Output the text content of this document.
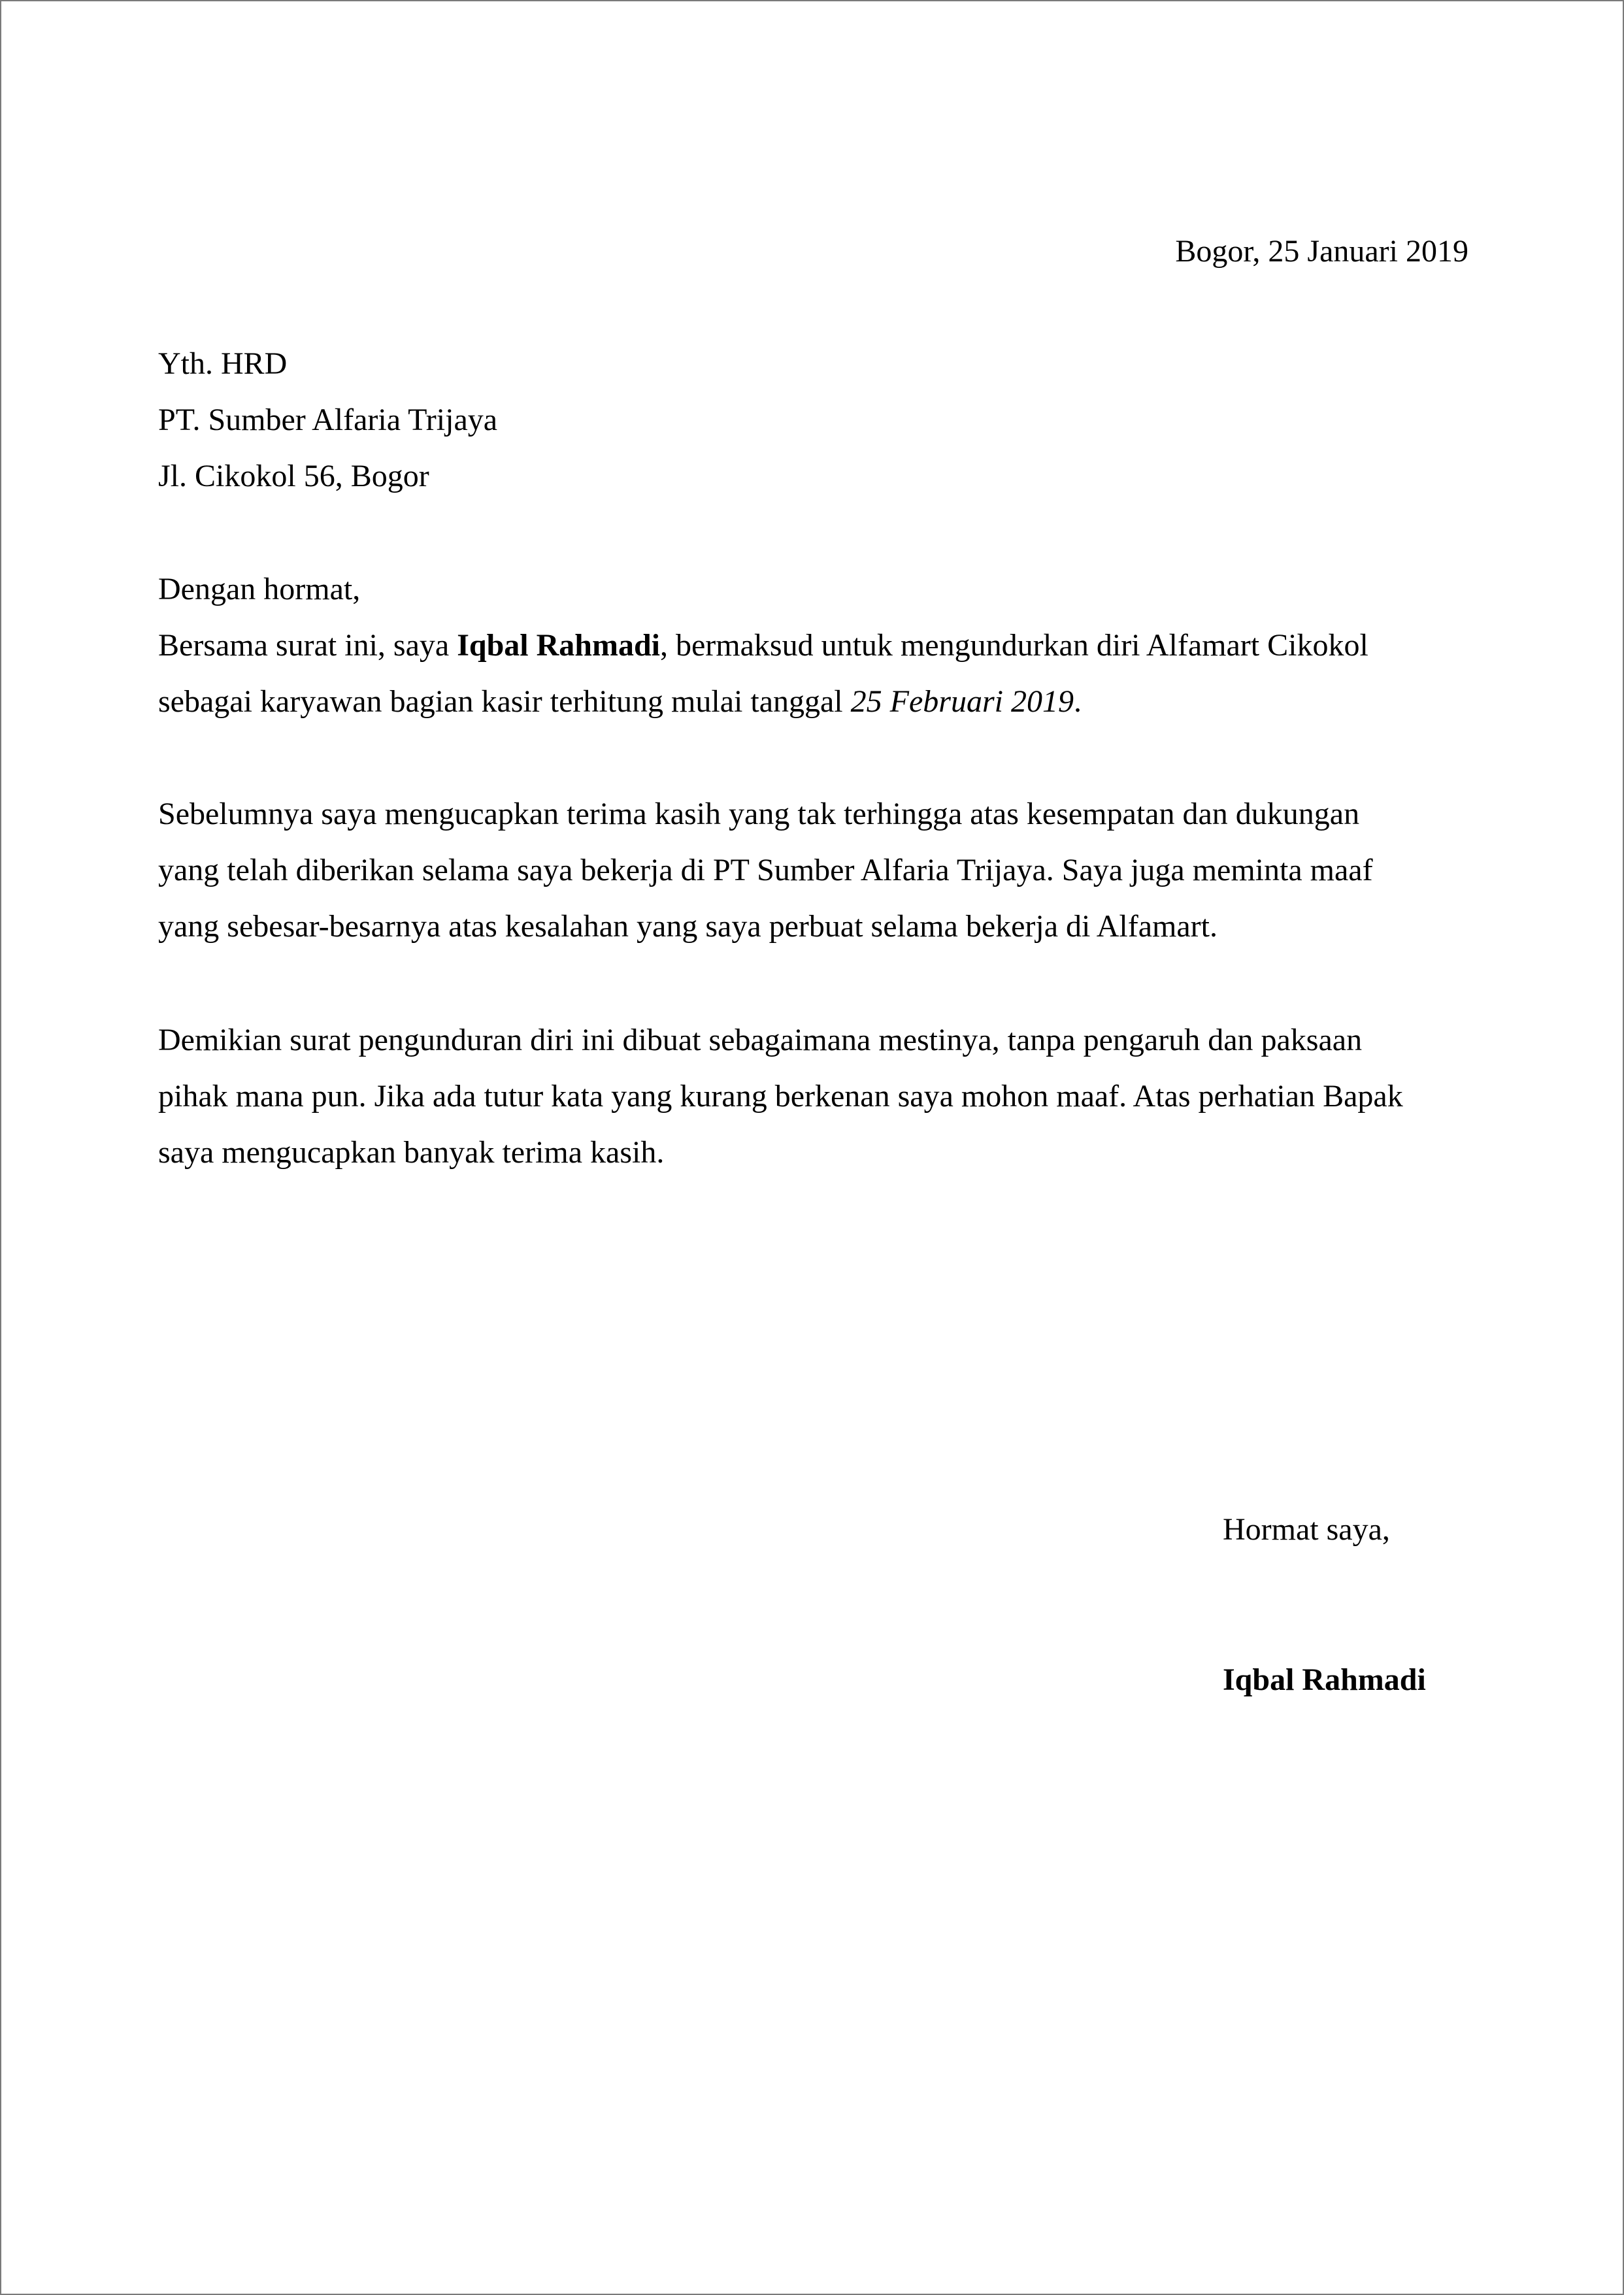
Bogor, 25 Januari 2019
Yth. HRD
PT. Sumber Alfaria Trijaya
Jl. Cikokol 56, Bogor
Dengan hormat,
Bersama surat ini, saya Iqbal Rahmadi, bermaksud untuk mengundurkan diri Alfamart Cikokol
sebagai karyawan bagian kasir terhitung mulai tanggal 25 Februari 2019.
Sebelumnya saya mengucapkan terima kasih yang tak terhingga atas kesempatan dan dukungan
yang telah diberikan selama saya bekerja di PT Sumber Alfaria Trijaya. Saya juga meminta maaf
yang sebesar-besarnya atas kesalahan yang saya perbuat selama bekerja di Alfamart.
Demikian surat pengunduran diri ini dibuat sebagaimana mestinya, tanpa pengaruh dan paksaan
pihak mana pun. Jika ada tutur kata yang kurang berkenan saya mohon maaf. Atas perhatian Bapak
saya mengucapkan banyak terima kasih.
Hormat saya,
Iqbal Rahmadi
